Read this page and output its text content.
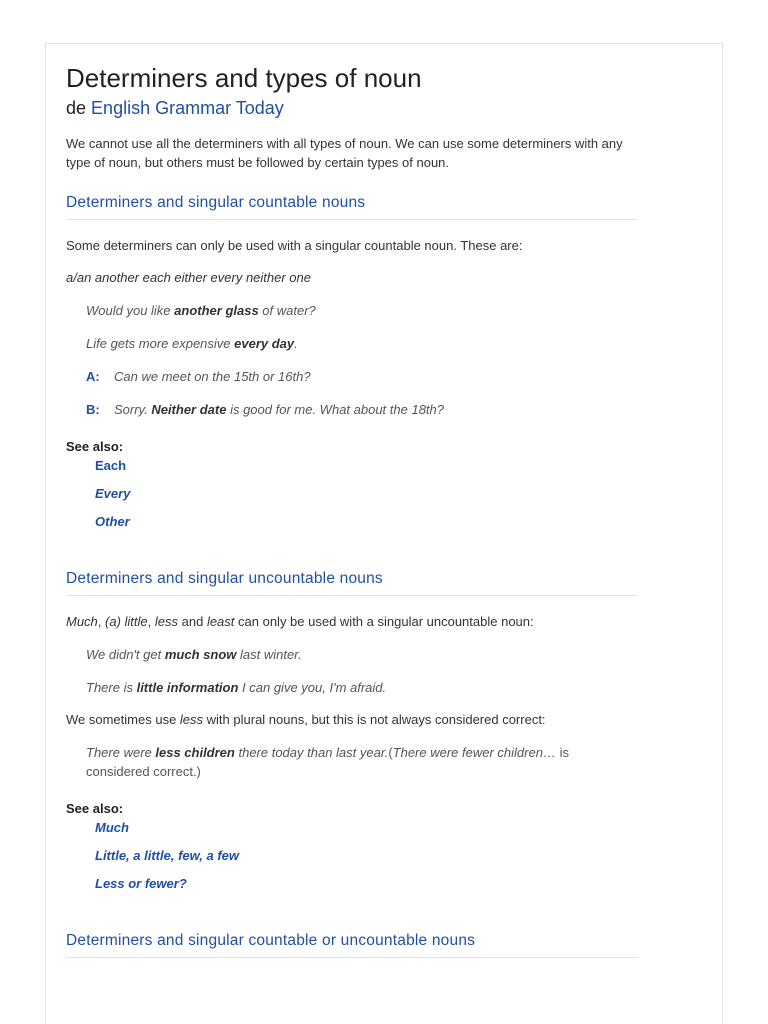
Determiners and types of noun
de English Grammar Today

We cannot use all the determiners with all types of noun. We can use some determiners with any type of noun, but others must be followed by certain types of noun.

Determiners and singular countable nouns

Some determiners can only be used with a singular countable noun. These are:

a/an another each either every neither one

Would you like another glass of water?

Life gets more expensive every day.

A:	Can we meet on the 15th or 16th?
B:	Sorry. Neither date is good for me. What about the 18th?
See also:
Each
Every
Other
Determiners and singular uncountable nouns

Much, (a) little, less and least can only be used with a singular uncountable noun:

We didn't get much snow last winter.

There is little information I can give you, I'm afraid.

We sometimes use less with plural nouns, but this is not always considered correct:

There were less children there today than last year.(There were fewer children… is considered correct.)

See also:
Much
Little, a little, few, a few
Less or fewer?
Determiners and singular countable or uncountable nouns
